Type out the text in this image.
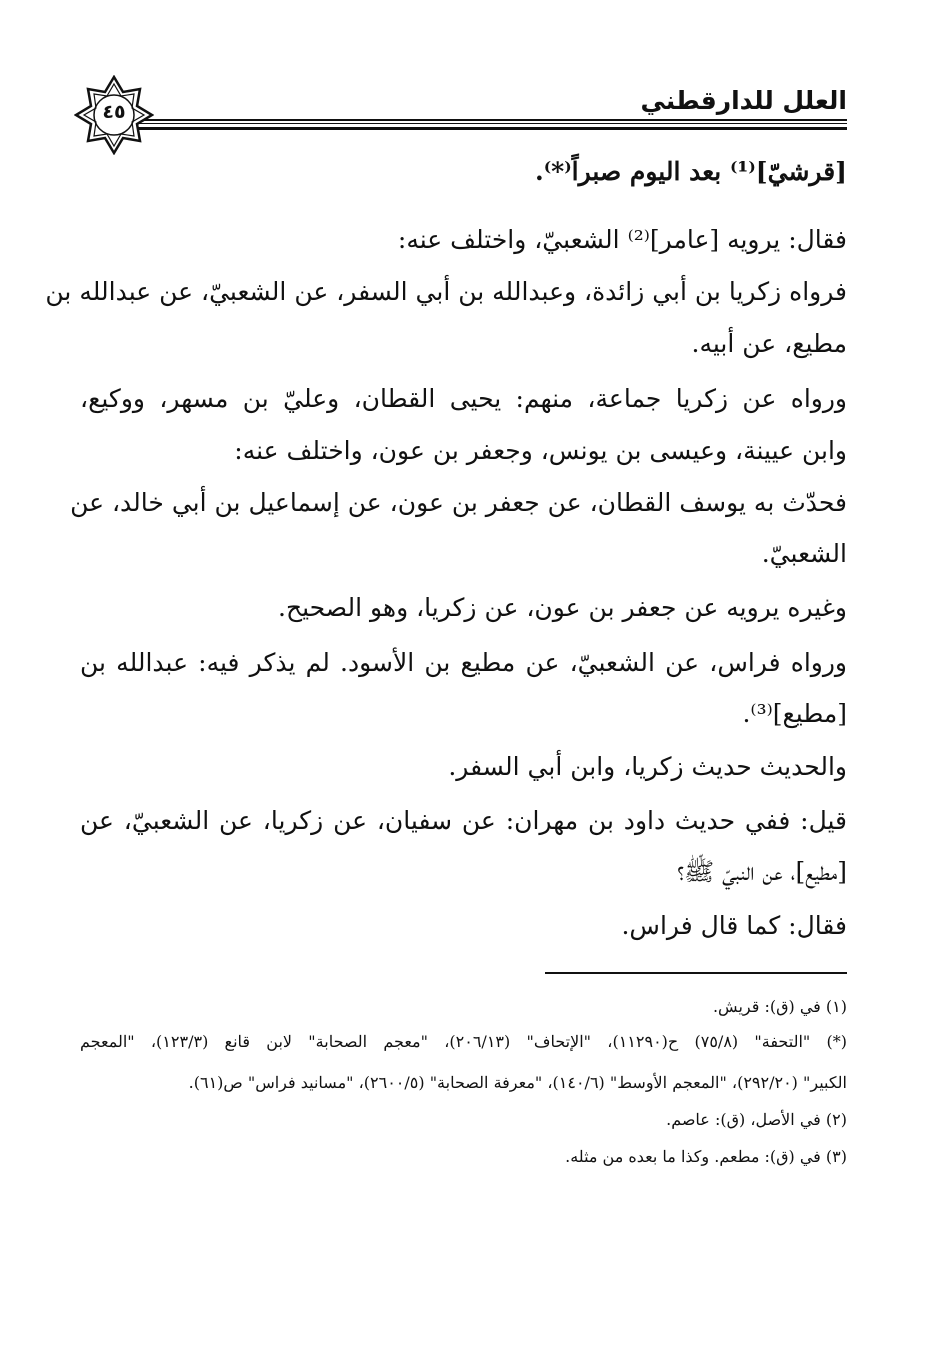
العلل للدارقطني
٤٥
[قرشيّ]⁽¹⁾ بعد اليوم صبراً⁽*⁾.
فقال: يرويه [عامر]⁽²⁾ الشعبيّ، واختلف عنه:
فرواه زكريا بن أبي زائدة، وعبدالله بن أبي السفر، عن الشعبيّ، عن عبدالله بن
مطيع، عن أبيه.
ورواه عن زكريا جماعة، منهم: يحيى القطان، وعليّ بن مسهر، ووكيع،
وابن عيينة، وعيسى بن يونس، وجعفر بن عون، واختلف عنه:
فحدّث به يوسف القطان، عن جعفر بن عون، عن إسماعيل بن أبي خالد، عن
الشعبيّ.
وغيره يرويه عن جعفر بن عون، عن زكريا، وهو الصحيح.
ورواه فراس، عن الشعبيّ، عن مطيع بن الأسود. لم يذكر فيه: عبدالله بن
[مطيع]⁽³⁾.
والحديث حديث زكريا، وابن أبي السفر.
قيل: ففي حديث داود بن مهران: عن سفيان، عن زكريا، عن الشعبيّ، عن
[مطيع]، عن النبيّ ﷺ؟
فقال: كما قال فراس.
(١) في (ق): قريش.
(*) "التحفة" (٧٥/٨) ح(١١٢٩٠)، "الإتحاف" (٢٠٦/١٣)، "معجم الصحابة" لابن قانع (١٢٣/٣)، "المعجم
الكبير" (٢٩٢/٢٠)، "المعجم الأوسط" (١٤٠/٦)، "معرفة الصحابة" (٢٦٠٠/٥)، "مسانيد فراس" ص(٦١).
(٢) في الأصل، (ق): عاصم.
(٣) في (ق): مطعم. وكذا ما بعده من مثله.
